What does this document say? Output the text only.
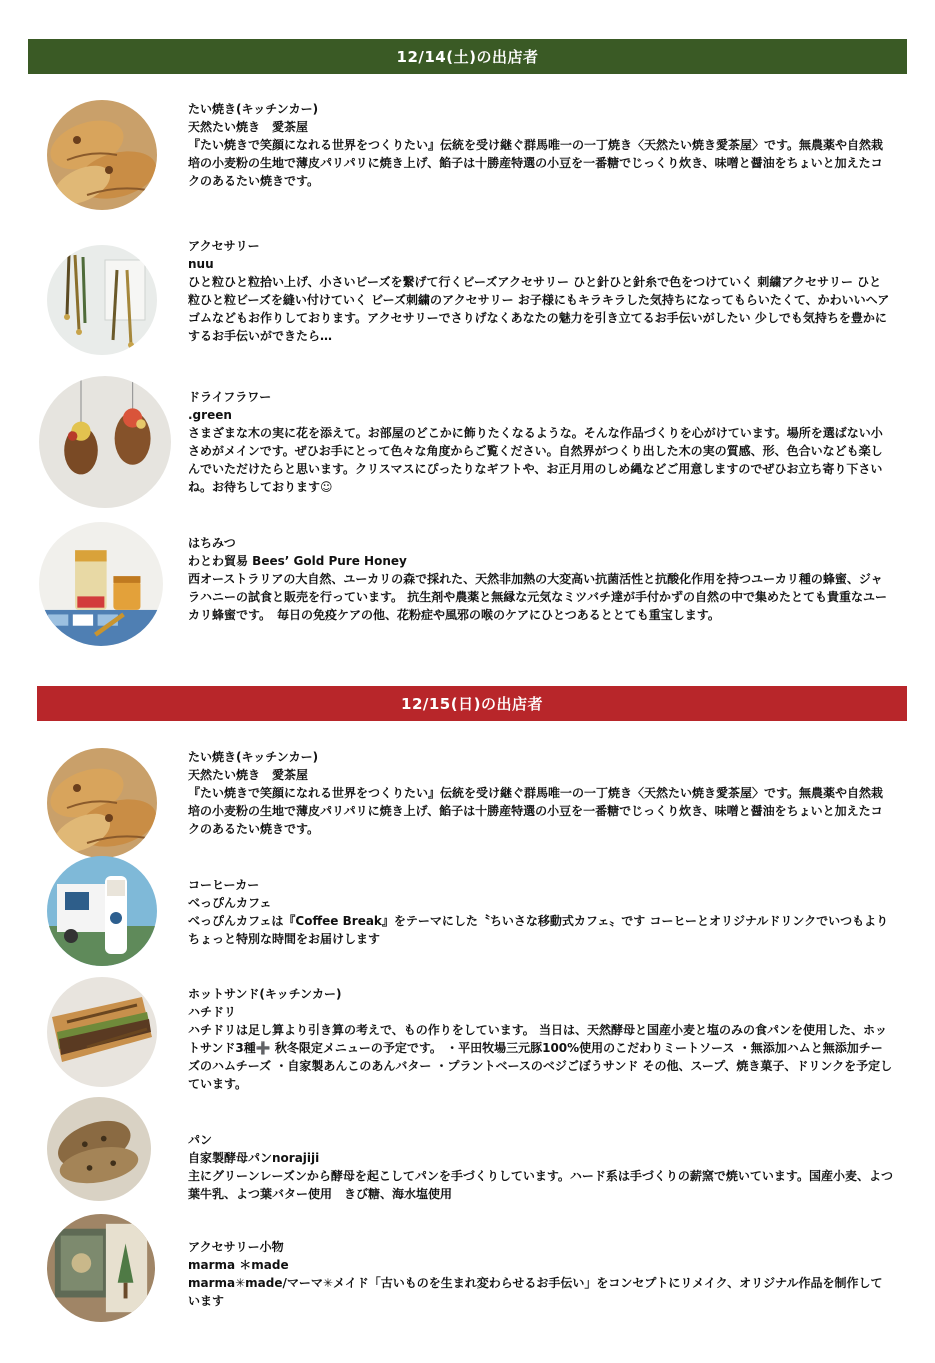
12/14(土)の出店者
たい焼き(キッチンカー)
天然たい焼き　愛茶屋
『たい焼きで笑顔になれる世界をつくりたい』伝統を受け継ぐ群馬唯一の一丁焼き〈天然たい焼き愛茶屋〉です。無農薬や自然栽培の小麦粉の生地で薄皮パリパリに焼き上げ、餡子は十勝産特選の小豆を一番糖でじっくり炊き、味噌と醤油をちょいと加えたコクのあるたい焼きです。
アクセサリー
nuu
ひと粒ひと粒拾い上げ、小さいビーズを繋げて行くビーズアクセサリー ひと針ひと針糸で色をつけていく 刺繍アクセサリー ひと粒ひと粒ビーズを縫い付けていく ビーズ刺繍のアクセサリー お子様にもキラキラした気持ちになってもらいたくて、かわいいヘアゴムなどもお作りしております。アクセサリーでさりげなくあなたの魅力を引き立てるお手伝いがしたい 少しでも気持ちを豊かにするお手伝いができたら…
ドライフラワー
.green
さまざまな木の実に花を添えて。お部屋のどこかに飾りたくなるような。そんな作品づくりを心がけています。場所を選ばない小さめがメインです。ぜひお手にとって色々な角度からご覧ください。自然界がつくり出した木の実の質感、形、色合いなども楽しんでいただけたらと思います。クリスマスにぴったりなギフトや、お正月用のしめ縄などご用意しますのでぜひお立ち寄り下さいね。お待ちしております☺
はちみつ
わとわ貿易 Bees’ Gold Pure Honey
西オーストラリアの大自然、ユーカリの森で採れた、天然非加熱の大変高い抗菌活性と抗酸化作用を持つユーカリ種の蜂蜜、ジャラハニーの試食と販売を行っています。 抗生剤や農薬と無縁な元気なミツバチ達が手付かずの自然の中で集めたとても貴重なユーカリ蜂蜜です。　毎日の免疫ケアの他、花粉症や風邪の喉のケアにひとつあるととても重宝します。
12/15(日)の出店者
たい焼き(キッチンカー)
天然たい焼き　愛茶屋
『たい焼きで笑顔になれる世界をつくりたい』伝統を受け継ぐ群馬唯一の一丁焼き〈天然たい焼き愛茶屋〉です。無農薬や自然栽培の小麦粉の生地で薄皮パリパリに焼き上げ、餡子は十勝産特選の小豆を一番糖でじっくり炊き、味噌と醤油をちょいと加えたコクのあるたい焼きです。
コーヒーカー
べっぴんカフェ
べっぴんカフェは『Coffee Break』をテーマにした〝ちいさな移動式カフェ〟です コーヒーとオリジナルドリンクでいつもよりちょっと特別な時間をお届けします
ホットサンド(キッチンカー)
ハチドリ
ハチドリは足し算より引き算の考えで、もの作りをしています。 当日は、天然酵母と国産小麦と塩のみの食パンを使用した、ホットサンド3種➕ 秋冬限定メニューの予定です。 ・平田牧場三元豚100%使用のこだわりミートソース ・無添加ハムと無添加チーズのハムチーズ ・自家製あんこのあんバター ・プラントベースのベジごぼうサンド その他、スープ、焼き菓子、ドリンクを予定しています。
パン
自家製酵母パンnorajiji
主にグリーンレーズンから酵母を起こしてパンを手づくりしています。ハード系は手づくりの薪窯で焼いています。国産小麦、よつ葉牛乳、よつ葉バター使用　きび糖、海水塩使用
アクセサリー小物
marma ＊made
marma✳made/マーマ✳メイド「古いものを生まれ変わらせるお手伝い」をコンセプトにリメイク、オリジナル作品を制作しています
